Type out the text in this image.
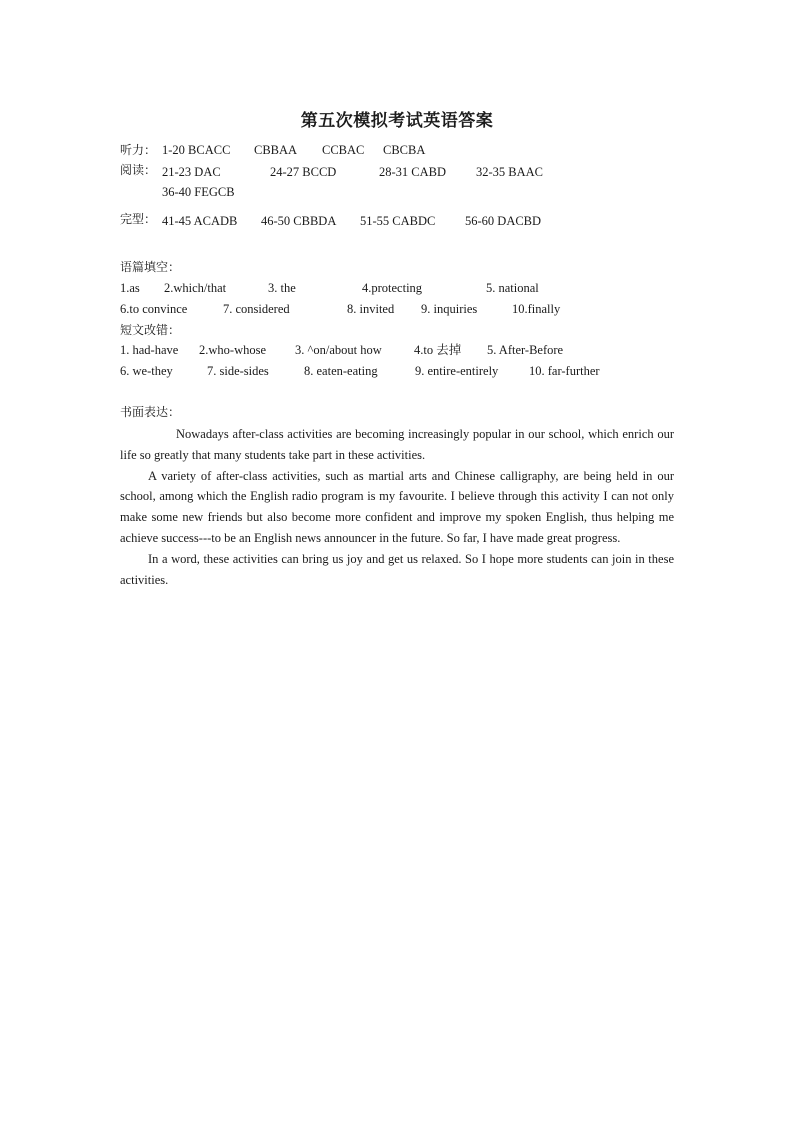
第五次模拟考试英语答案
听力： 1-20 BCACC CBBAA CCBAC CBCBA
阅读： 21-23 DAC	24-27 BCCD	28-31 CABD 32-35 BAAC
36-40 FEGCB
完型： 41-45 ACADB 46-50 CBBDA 51-55 CABDC 56-60 DACBD
语篇填空：
1.as 2.which/that	3. the	4.protecting	5. national
6.to convince	7. considered	8. invited 9. inquiries	10.finally
短文改错：
1. had-have 2.who-whose 3. ^on/about how	4.to 去掉 5. After-Before
6. we-they	7. side-sides	8. eaten-eating	9. entire-entirely 10. far-further
书面表达：

Nowadays after-class activities are becoming increasingly popular in our school, which enrich our life so greatly that many students take part in these activities.

A variety of after-class activities, such as martial arts and Chinese calligraphy, are being held in our school, among which the English radio program is my favourite. I believe through this activity I can not only make some new friends but also become more confident and improve my spoken English, thus helping me achieve success---to be an English news announcer in the future. So far, I have made great progress.

In a word, these activities can bring us joy and get us relaxed. So I hope more students can join in these activities.
